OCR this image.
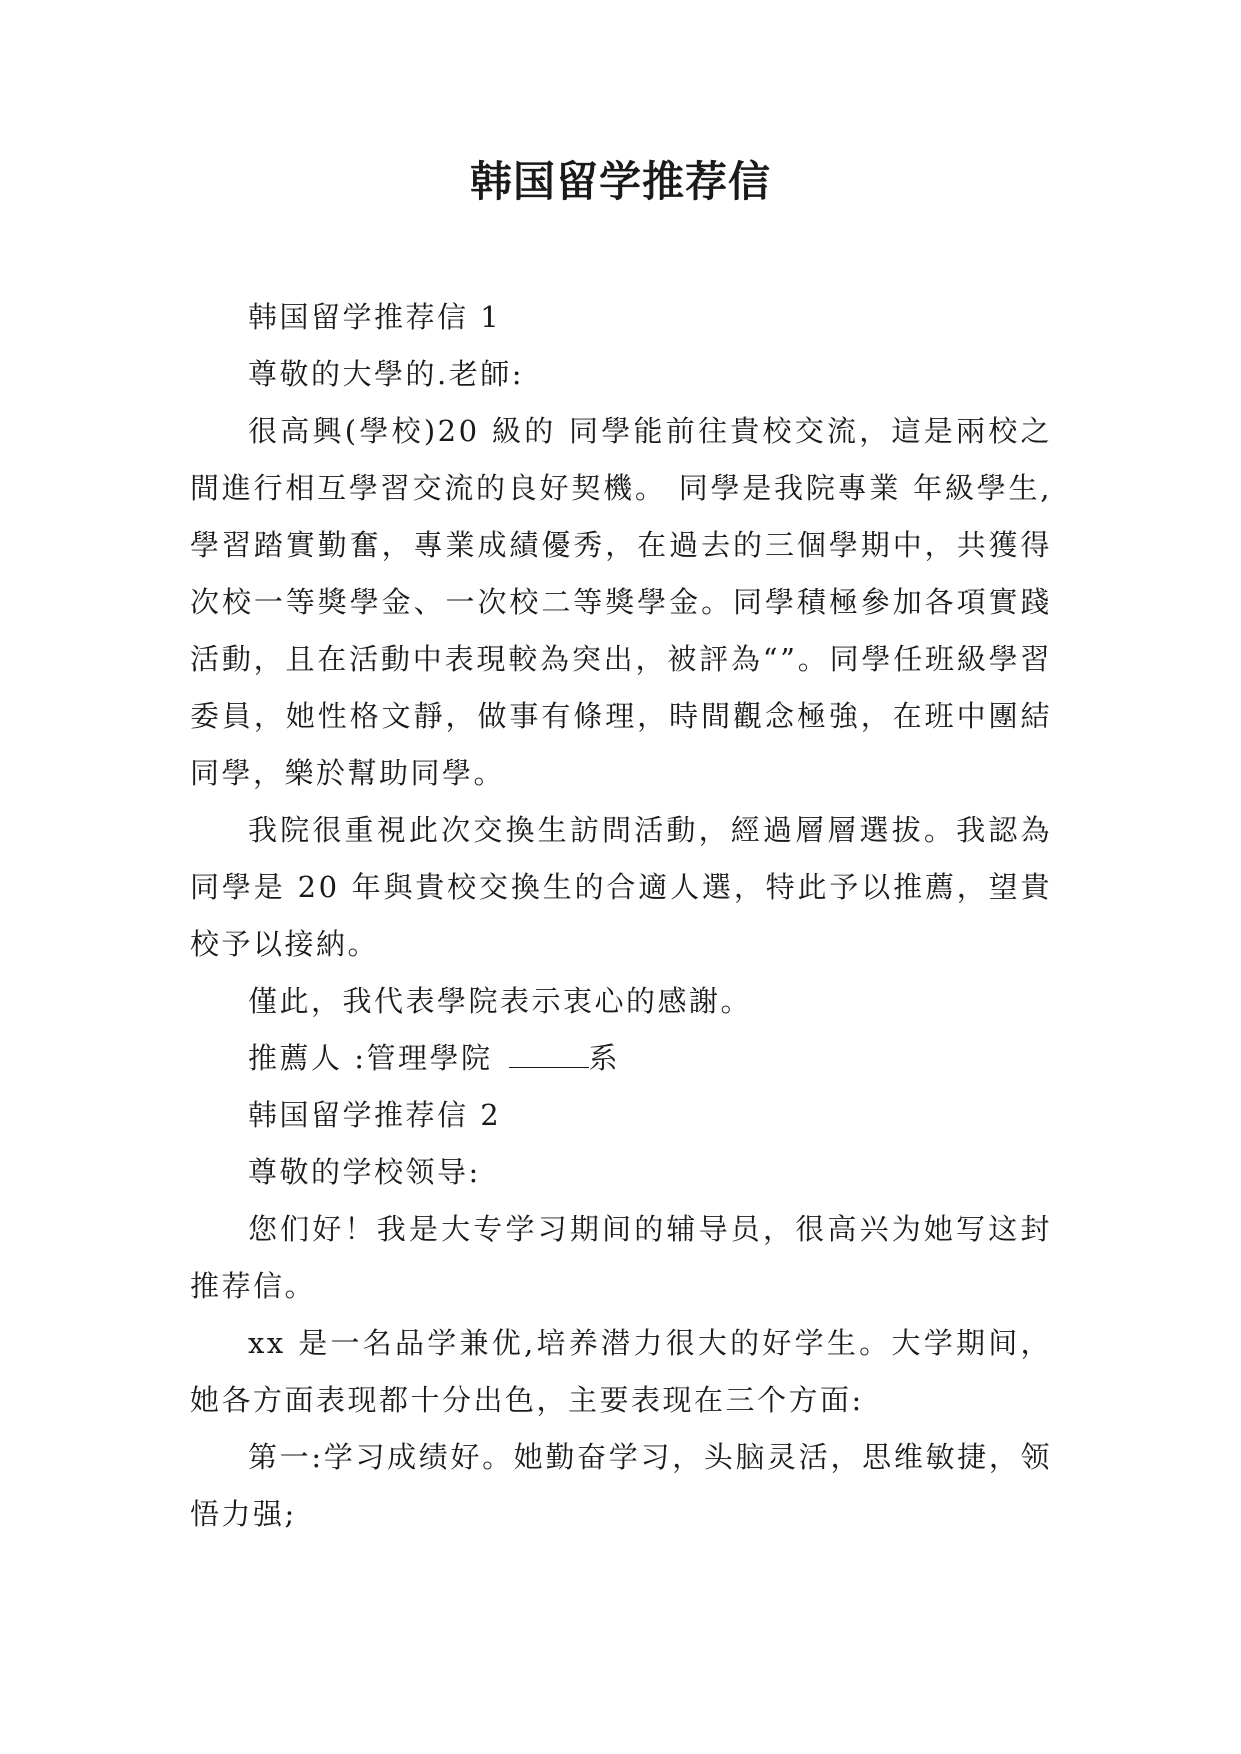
韩国留学推荐信

韩国留学推荐信 1

尊敬的大學的.老師:

很高興(學校)20 級的 同學能前往貴校交流，這是兩校之間進行相互學習交流的良好契機。 同學是我院專業 年級學生,學習踏實勤奮，專業成績優秀，在過去的三個學期中，共獲得次校一等獎學金、一次校二等獎學金。同學積極參加各項實踐活動，且在活動中表現較為突出，被評為“”。同學任班級學習委員，她性格文靜，做事有條理，時間觀念極強，在班中團結同學，樂於幫助同學。

我院很重視此次交換生訪問活動，經過層層選拔。我認為同學是 20 年與貴校交換生的合適人選，特此予以推薦，望貴校予以接納。

僅此，我代表學院表示衷心的感謝。

推薦人 :管理學院	系

韩国留学推荐信 2

尊敬的学校领导:

您们好！我是大专学习期间的辅导员，很高兴为她写这封推荐信。

xx 是一名品学兼优,培养潜力很大的好学生。大学期间，她各方面表现都十分出色，主要表现在三个方面:

第一:学习成绩好。她勤奋学习，头脑灵活，思维敏捷，领悟力强;
